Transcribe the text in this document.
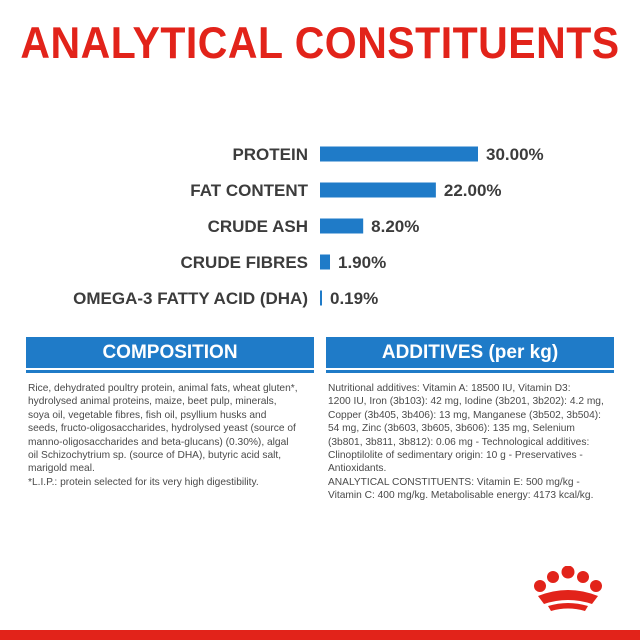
ANALYTICAL CONSTITUENTS
PROTEIN	30.00%
FAT CONTENT	22.00%
CRUDE ASH	8.20%
CRUDE FIBRES 1.90%
OMEGA-3 FATTY ACID (DHA) 0.19%
COMPOSITION
Rice, dehydrated poultry protein, animal fats, wheat gluten*,
hydrolysed animal proteins, maize, beet pulp, minerals,
soya oil, vegetable fibres, fish oil, psyllium husks and
seeds, fructo-oligosaccharides, hydrolysed yeast (source of
manno-oligosaccharides and beta-glucans) (0.30%), algal
oil Schizochytrium sp. (source of DHA), butyric acid salt,
marigold meal.
*L.I.P.: protein selected for its very high digestibility.
ADDITIVES (per kg)
Nutritional additives: Vitamin A: 18500 IU, Vitamin D3:
1200 IU, Iron (3b103): 42 mg, Iodine (3b201, 3b202): 4.2 mg,
Copper (3b405, 3b406): 13 mg, Manganese (3b502, 3b504):
54 mg, Zinc (3b603, 3b605, 3b606): 135 mg, Selenium
(3b801, 3b811, 3b812): 0.06 mg - Technological additives:
Clinoptilolite of sedimentary origin: 10 g - Preservatives -
Antioxidants.
ANALYTICAL CONSTITUENTS: Vitamin E: 500 mg/kg -
Vitamin C: 400 mg/kg. Metabolisable energy: 4173 kcal/kg.
